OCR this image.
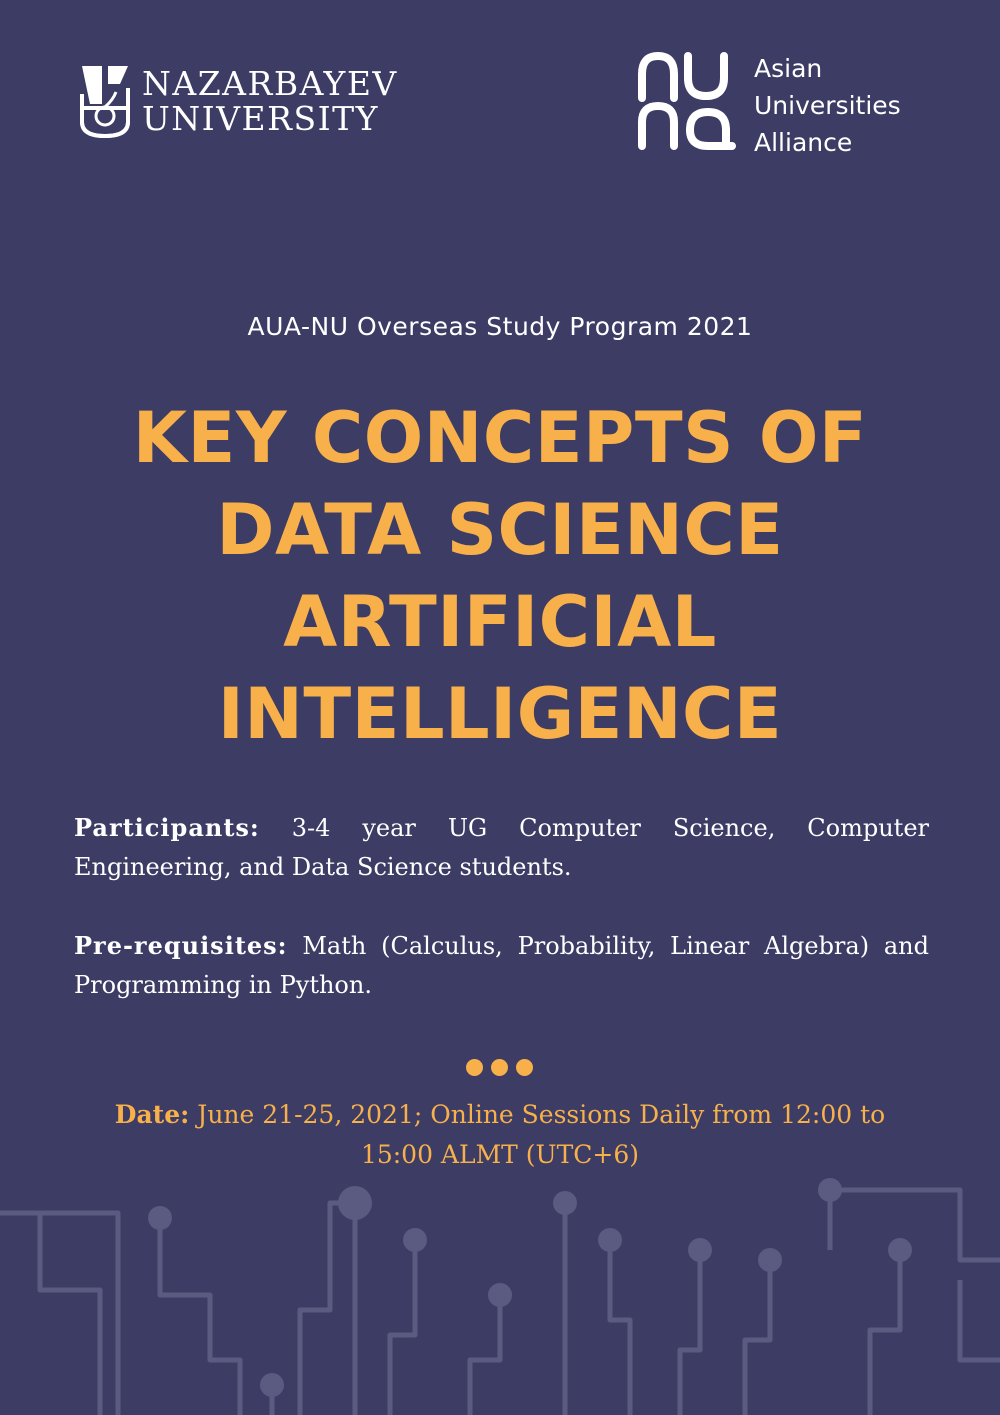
NAZARBAYEV
UNIVERSITY
Asian
Universities
Alliance
AUA-NU Overseas Study Program 2021
KEY CONCEPTS OF
DATA SCIENCE
ARTIFICIAL
INTELLIGENCE
Participants: 3-4 year UG Computer Science, Computer Engineering, and Data Science students.
Pre-requisites: Math (Calculus, Probability, Linear Algebra) and Programming in Python.
Date: June 21-25, 2021; Online Sessions Daily from 12:00 to
15:00 ALMT (UTC+6)
